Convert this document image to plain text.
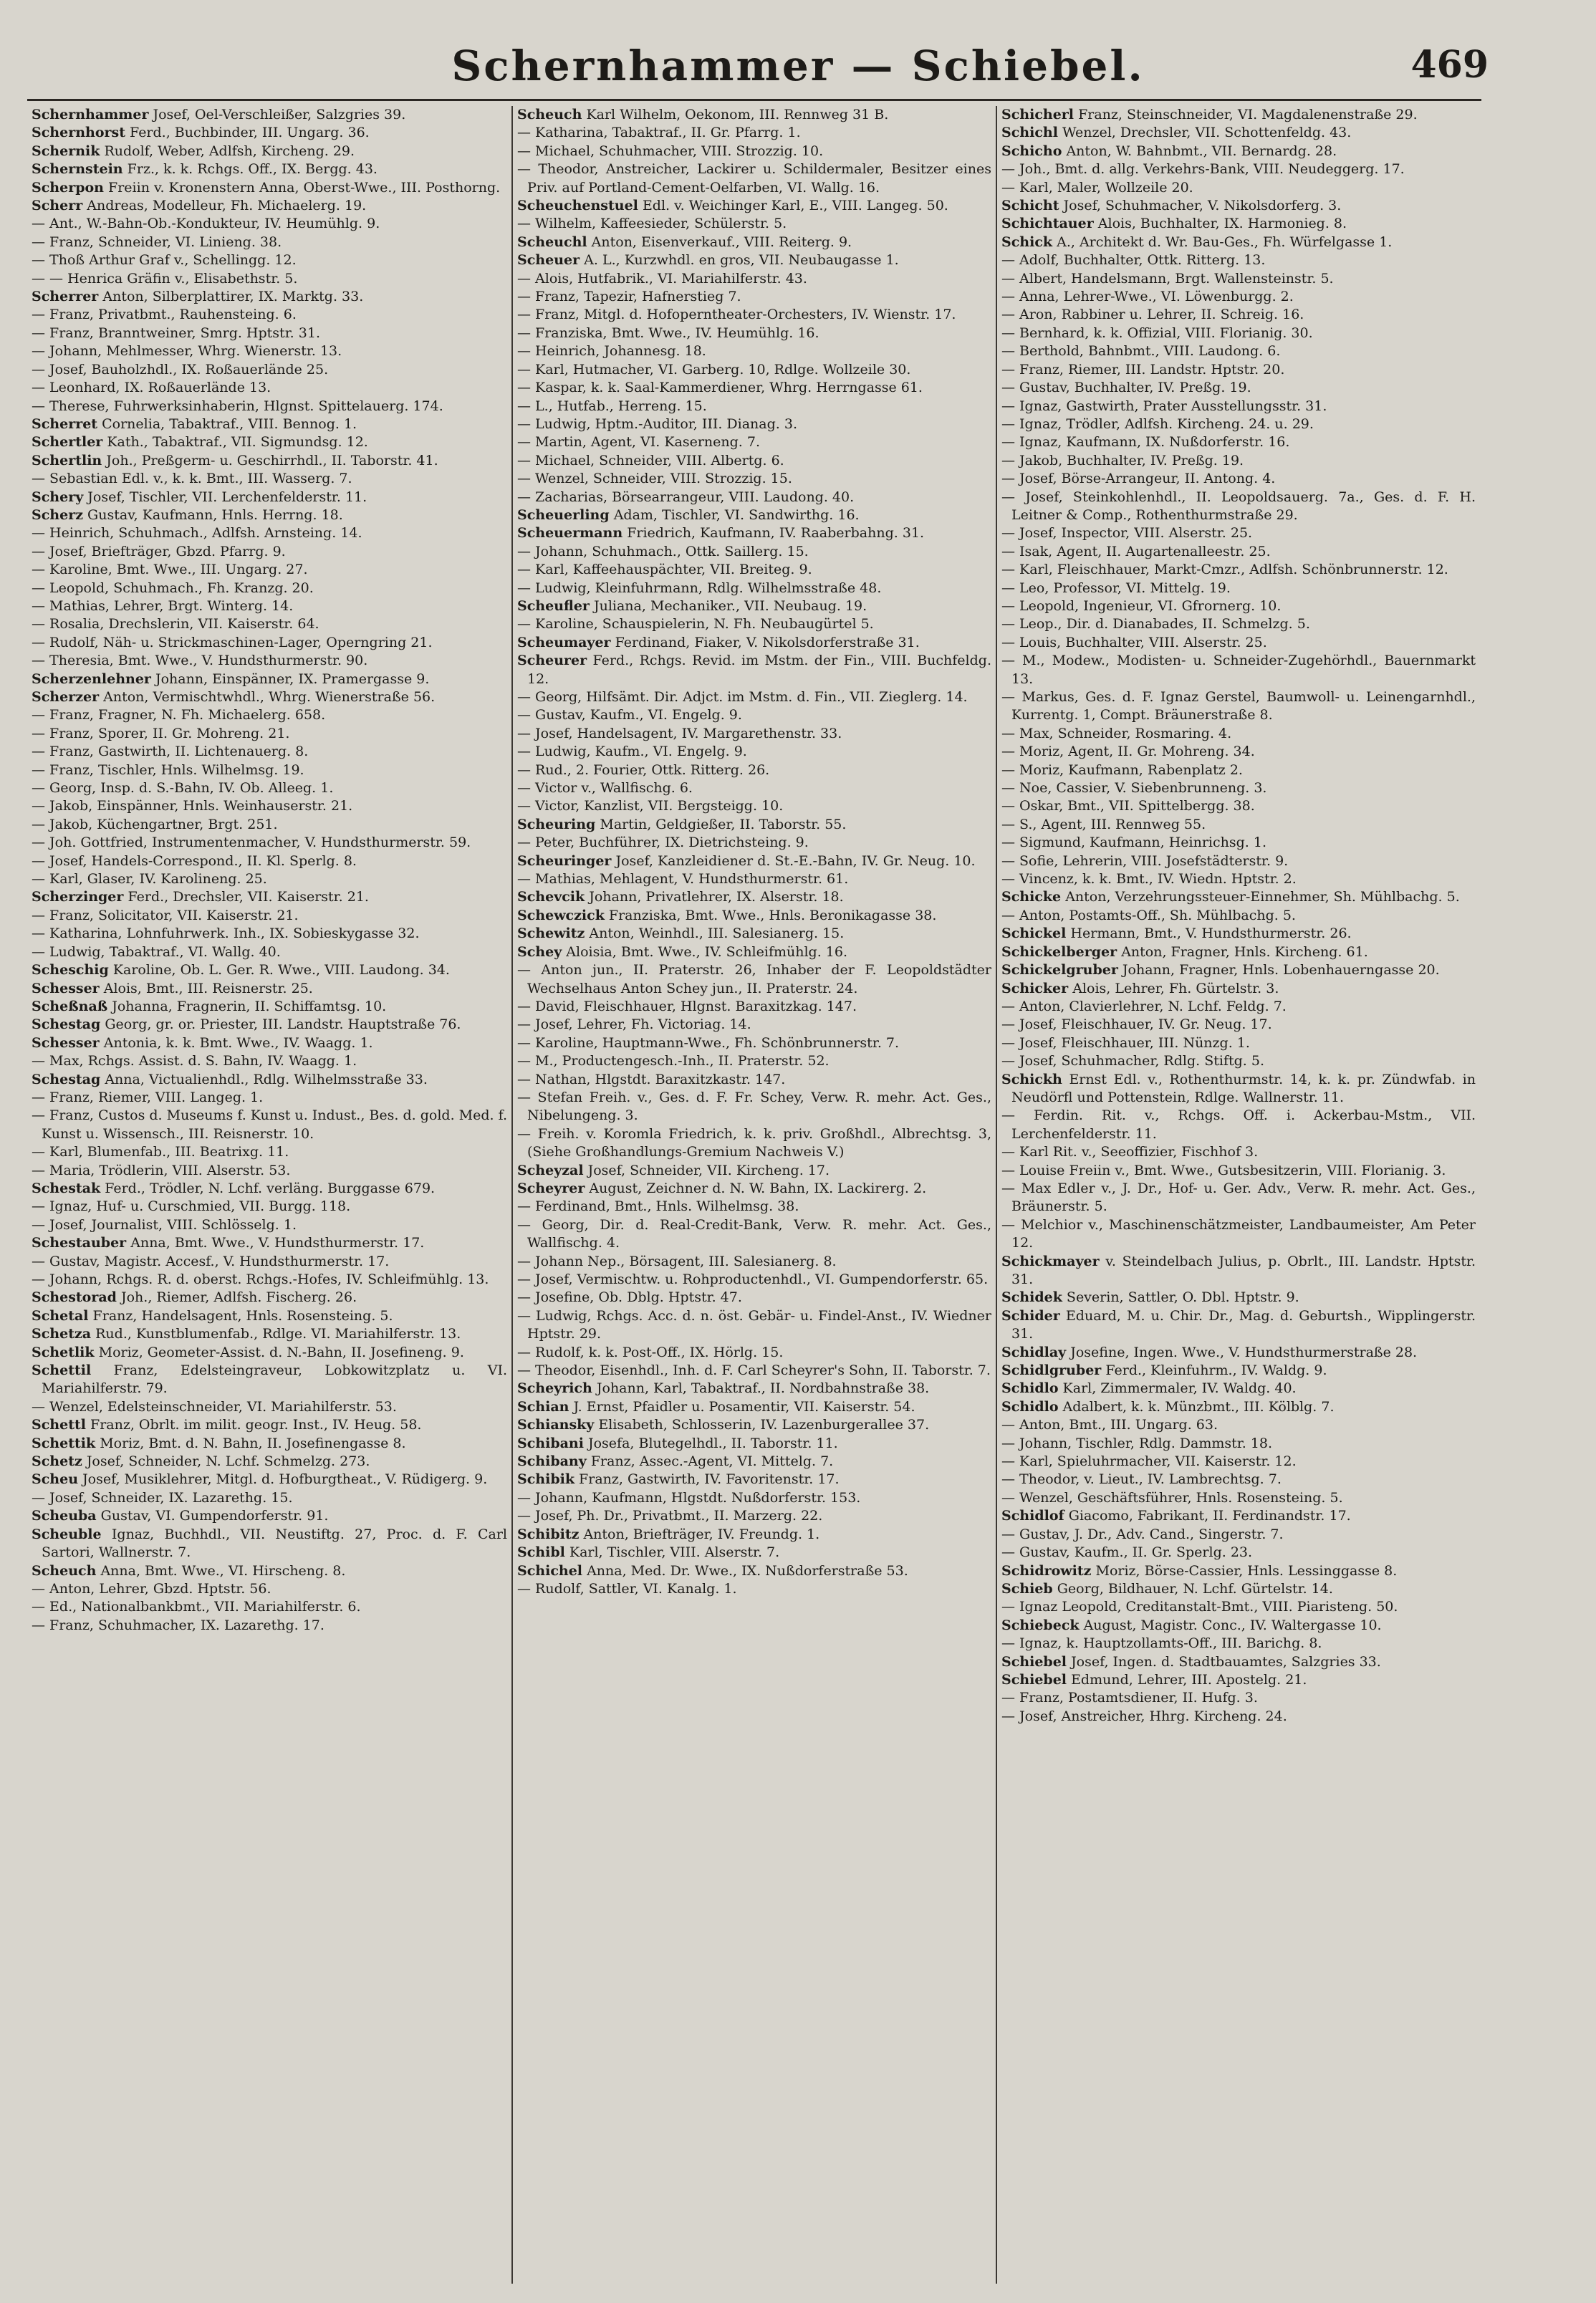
Schernhammer — Schiebel.	469
Schernhammer Josef, Oel-Verschleißer, Salzgries 39.
Schernhorst Ferd., Buchbinder, III. Ungarg. 36.
Schernik Rudolf, Weber, Adlfsh, Kircheng. 29.
Schernstein Frz., k. k. Rchgs. Off., IX. Bergg. 43.
Scherpon Freiin v. Kronenstern Anna, Oberst-Wwe., III. Posthorng.
Scherr Andreas, Modelleur, Fh. Michaelerg. 19.
— Ant., W.-Bahn-Ob.-Kondukteur, IV. Heumühlg. 9.
— Franz, Schneider, VI. Linieng. 38.
— Thoß Arthur Graf v., Schellingg. 12.
— — Henrica Gräfin v., Elisabethstr. 5.
Scherrer Anton, Silberplattirer, IX. Marktg. 33.
— Franz, Privatbmt., Rauhensteing. 6.
— Franz, Branntweiner, Smrg. Hptstr. 31.
— Johann, Mehlmesser, Whrg. Wienerstr. 13.
— Josef, Bauholzhdl., IX. Roßauerlände 25.
— Leonhard, IX. Roßauerlände 13.
— Therese, Fuhrwerksinhaberin, Hlgnst. Spittelauerg. 174.
Scherret Cornelia, Tabaktraf., VIII. Bennog. 1.
Schertler Kath., Tabaktraf., VII. Sigmundsg. 12.
Schertlin Joh., Preßgerm- u. Geschirrhdl., II. Taborstr. 41.
— Sebastian Edl. v., k. k. Bmt., III. Wasserg. 7.
Schery Josef, Tischler, VII. Lerchenfelderstr. 11.
Scherz Gustav, Kaufmann, Hnls. Herrng. 18.
— Heinrich, Schuhmach., Adlfsh. Arnsteing. 14.
— Josef, Briefträger, Gbzd. Pfarrg. 9.
— Karoline, Bmt. Wwe., III. Ungarg. 27.
— Leopold, Schuhmach., Fh. Kranzg. 20.
— Mathias, Lehrer, Brgt. Winterg. 14.
— Rosalia, Drechslerin, VII. Kaiserstr. 64.
— Rudolf, Näh- u. Strickmaschinen-Lager, Operngring 21.
— Theresia, Bmt. Wwe., V. Hundsthurmerstr. 90.
Scherzenlehner Johann, Einspänner, IX. Pramergasse 9.
Scherzer Anton, Vermischtwhdl., Whrg. Wienerstraße 56.
— Franz, Fragner, N. Fh. Michaelerg. 658.
— Franz, Sporer, II. Gr. Mohreng. 21.
— Franz, Gastwirth, II. Lichtenauerg. 8.
— Franz, Tischler, Hnls. Wilhelmsg. 19.
— Georg, Insp. d. S.-Bahn, IV. Ob. Alleeg. 1.
— Jakob, Einspänner, Hnls. Weinhauserstr. 21.
— Jakob, Küchengartner, Brgt. 251.
— Joh. Gottfried, Instrumentenmacher, V. Hundsthurmerstr. 59.
— Josef, Handels-Correspond., II. Kl. Sperlg. 8.
— Karl, Glaser, IV. Karolineng. 25.
Scherzinger Ferd., Drechsler, VII. Kaiserstr. 21.
— Franz, Solicitator, VII. Kaiserstr. 21.
— Katharina, Lohnfuhrwerk. Inh., IX. Sobieskygasse 32.
— Ludwig, Tabaktraf., VI. Wallg. 40.
Scheschig Karoline, Ob. L. Ger. R. Wwe., VIII. Laudong. 34.
Schesser Alois, Bmt., III. Reisnerstr. 25.
Scheßnaß Johanna, Fragnerin, II. Schiffamtsg. 10.
Schestag Georg, gr. or. Priester, III. Landstr. Hauptstraße 76.
Schesser Antonia, k. k. Bmt. Wwe., IV. Waagg. 1.
— Max, Rchgs. Assist. d. S. Bahn, IV. Waagg. 1.
Schestag Anna, Victualienhdl., Rdlg. Wilhelmsstraße 33.
— Franz, Riemer, VIII. Langeg. 1.
— Franz, Custos d. Museums f. Kunst u. Indust., Bes. d. gold. Med. f. Kunst u. Wissensch., III. Reisnerstr. 10.
— Karl, Blumenfab., III. Beatrixg. 11.
— Maria, Trödlerin, VIII. Alserstr. 53.
Schestak Ferd., Trödler, N. Lchf. verläng. Burggasse 679.
— Ignaz, Huf- u. Curschmied, VII. Burgg. 118.
— Josef, Journalist, VIII. Schlösselg. 1.
Schestauber Anna, Bmt. Wwe., V. Hundsthurmerstr. 17.
— Gustav, Magistr. Accesf., V. Hundsthurmerstr. 17.
— Johann, Rchgs. R. d. oberst. Rchgs.-Hofes, IV. Schleifmühlg. 13.
Schestorad Joh., Riemer, Adlfsh. Fischerg. 26.
Schetal Franz, Handelsagent, Hnls. Rosensteing. 5.
Schetza Rud., Kunstblumenfab., Rdlge. VI. Mariahilferstr. 13.
Schetlik Moriz, Geometer-Assist. d. N.-Bahn, II. Josefineng. 9.
Schettil Franz, Edelsteingraveur, Lobkowitzplatz u. VI. Mariahilferstr. 79.
— Wenzel, Edelsteinschneider, VI. Mariahilferstr. 53.
Schettl Franz, Obrlt. im milit. geogr. Inst., IV. Heug. 58.
Schettik Moriz, Bmt. d. N. Bahn, II. Josefinengasse 8.
Schetz Josef, Schneider, N. Lchf. Schmelzg. 273.
Scheu Josef, Musiklehrer, Mitgl. d. Hofburgtheat., V. Rüdigerg. 9.
— Josef, Schneider, IX. Lazarethg. 15.
Scheuba Gustav, VI. Gumpendorferstr. 91.
Scheuble Ignaz, Buchhdl., VII. Neustiftg. 27, Proc. d. F. Carl Sartori, Wallnerstr. 7.
Scheuch Anna, Bmt. Wwe., VI. Hirscheng. 8.
— Anton, Lehrer, Gbzd. Hptstr. 56.
— Ed., Nationalbankbmt., VII. Mariahilferstr. 6.
— Franz, Schuhmacher, IX. Lazarethg. 17.
Scheuch Karl Wilhelm, Oekonom, III. Rennweg 31 B.
— Katharina, Tabaktraf., II. Gr. Pfarrg. 1.
— Michael, Schuhmacher, VIII. Strozzig. 10.
— Theodor, Anstreicher, Lackirer u. Schildermaler, Besitzer eines Priv. auf Portland-Cement-Oelfarben, VI. Wallg. 16.
Scheuchenstuel Edl. v. Weichinger Karl, E., VIII. Langeg. 50.
— Wilhelm, Kaffeesieder, Schülerstr. 5.
Scheuchl Anton, Eisenverkauf., VIII. Reiterg. 9.
Scheuer A. L., Kurzwhdl. en gros, VII. Neubaugasse 1.
— Alois, Hutfabrik., VI. Mariahilferstr. 43.
— Franz, Tapezir, Hafnerstieg 7.
— Franz, Mitgl. d. Hofoperntheater-Orchesters, IV. Wienstr. 17.
— Franziska, Bmt. Wwe., IV. Heumühlg. 16.
— Heinrich, Johannesg. 18.
— Karl, Hutmacher, VI. Garberg. 10, Rdlge. Wollzeile 30.
— Kaspar, k. k. Saal-Kammerdiener, Whrg. Herrngasse 61.
— L., Hutfab., Herreng. 15.
— Ludwig, Hptm.-Auditor, III. Dianag. 3.
— Martin, Agent, VI. Kaserneng. 7.
— Michael, Schneider, VIII. Albertg. 6.
— Wenzel, Schneider, VIII. Strozzig. 15.
— Zacharias, Börsearrangeur, VIII. Laudong. 40.
Scheuerling Adam, Tischler, VI. Sandwirthg. 16.
Scheuermann Friedrich, Kaufmann, IV. Raaberbahng. 31.
— Johann, Schuhmach., Ottk. Saillerg. 15.
— Karl, Kaffeehauspächter, VII. Breiteg. 9.
— Ludwig, Kleinfuhrmann, Rdlg. Wilhelmsstraße 48.
Scheufler Juliana, Mechaniker., VII. Neubaug. 19.
— Karoline, Schauspielerin, N. Fh. Neubaugürtel 5.
Scheumayer Ferdinand, Fiaker, V. Nikolsdorferstraße 31.
Scheurer Ferd., Rchgs. Revid. im Mstm. der Fin., VIII. Buchfeldg. 12.
— Georg, Hilfsämt. Dir. Adjct. im Mstm. d. Fin., VII. Zieglerg. 14.
— Gustav, Kaufm., VI. Engelg. 9.
— Josef, Handelsagent, IV. Margarethenstr. 33.
— Ludwig, Kaufm., VI. Engelg. 9.
— Rud., 2. Fourier, Ottk. Ritterg. 26.
— Victor v., Wallfischg. 6.
— Victor, Kanzlist, VII. Bergsteigg. 10.
Scheuring Martin, Geldgießer, II. Taborstr. 55.
— Peter, Buchführer, IX. Dietrichsteing. 9.
Scheuringer Josef, Kanzleidiener d. St.-E.-Bahn, IV. Gr. Neug. 10.
— Mathias, Mehlagent, V. Hundsthurmerstr. 61.
Schevcik Johann, Privatlehrer, IX. Alserstr. 18.
Schewczick Franziska, Bmt. Wwe., Hnls. Beronikagasse 38.
Schewitz Anton, Weinhdl., III. Salesianerg. 15.
Schey Aloisia, Bmt. Wwe., IV. Schleifmühlg. 16.
— Anton jun., II. Praterstr. 26, Inhaber der F. Leopoldstädter Wechselhaus Anton Schey jun., II. Praterstr. 24.
— David, Fleischhauer, Hlgnst. Baraxitzkag. 147.
— Josef, Lehrer, Fh. Victoriag. 14.
— Karoline, Hauptmann-Wwe., Fh. Schönbrunnerstr. 7.
— M., Productengesch.-Inh., II. Praterstr. 52.
— Nathan, Hlgstdt. Baraxitzkastr. 147.
— Stefan Freih. v., Ges. d. F. Fr. Schey, Verw. R. mehr. Act. Ges., Nibelungeng. 3.
— Freih. v. Koromla Friedrich, k. k. priv. Großhdl., Albrechtsg. 3, (Siehe Großhandlungs-Gremium Nachweis V.)
Scheyzal Josef, Schneider, VII. Kircheng. 17.
Scheyrer August, Zeichner d. N. W. Bahn, IX. Lackirerg. 2.
— Ferdinand, Bmt., Hnls. Wilhelmsg. 38.
— Georg, Dir. d. Real-Credit-Bank, Verw. R. mehr. Act. Ges., Wallfischg. 4.
— Johann Nep., Börsagent, III. Salesianerg. 8.
— Josef, Vermischtw. u. Rohproductenhdl., VI. Gumpendorferstr. 65.
— Josefine, Ob. Dblg. Hptstr. 47.
— Ludwig, Rchgs. Acc. d. n. öst. Gebär- u. Findel-Anst., IV. Wiedner Hptstr. 29.
— Rudolf, k. k. Post-Off., IX. Hörlg. 15.
— Theodor, Eisenhdl., Inh. d. F. Carl Scheyrer's Sohn, II. Taborstr. 7.
Scheyrich Johann, Karl, Tabaktraf., II. Nordbahnstraße 38.
Schian J. Ernst, Pfaidler u. Posamentir, VII. Kaiserstr. 54.
Schiansky Elisabeth, Schlosserin, IV. Lazenburgerallee 37.
Schibani Josefa, Blutegelhdl., II. Taborstr. 11.
Schibany Franz, Assec.-Agent, VI. Mittelg. 7.
Schibik Franz, Gastwirth, IV. Favoritenstr. 17.
— Johann, Kaufmann, Hlgstdt. Nußdorferstr. 153.
— Josef, Ph. Dr., Privatbmt., II. Marzerg. 22.
Schibitz Anton, Briefträger, IV. Freundg. 1.
Schibl Karl, Tischler, VIII. Alserstr. 7.
Schichel Anna, Med. Dr. Wwe., IX. Nußdorferstraße 53.
— Rudolf, Sattler, VI. Kanalg. 1.
Schicherl Franz, Steinschneider, VI. Magdalenenstraße 29.
Schichl Wenzel, Drechsler, VII. Schottenfeldg. 43.
Schicho Anton, W. Bahnbmt., VII. Bernardg. 28.
— Joh., Bmt. d. allg. Verkehrs-Bank, VIII. Neudeggerg. 17.
— Karl, Maler, Wollzeile 20.
Schicht Josef, Schuhmacher, V. Nikolsdorferg. 3.
Schichtauer Alois, Buchhalter, IX. Harmonieg. 8.
Schick A., Architekt d. Wr. Bau-Ges., Fh. Würfelgasse 1.
— Adolf, Buchhalter, Ottk. Ritterg. 13.
— Albert, Handelsmann, Brgt. Wallensteinstr. 5.
— Anna, Lehrer-Wwe., VI. Löwenburgg. 2.
— Aron, Rabbiner u. Lehrer, II. Schreig. 16.
— Bernhard, k. k. Offizial, VIII. Florianig. 30.
— Berthold, Bahnbmt., VIII. Laudong. 6.
— Franz, Riemer, III. Landstr. Hptstr. 20.
— Gustav, Buchhalter, IV. Preßg. 19.
— Ignaz, Gastwirth, Prater Ausstellungsstr. 31.
— Ignaz, Trödler, Adlfsh. Kircheng. 24. u. 29.
— Ignaz, Kaufmann, IX. Nußdorferstr. 16.
— Jakob, Buchhalter, IV. Preßg. 19.
— Josef, Börse-Arrangeur, II. Antong. 4.
— Josef, Steinkohlenhdl., II. Leopoldsauerg. 7a., Ges. d. F. H. Leitner & Comp., Rothenthurmstraße 29.
— Josef, Inspector, VIII. Alserstr. 25.
— Isak, Agent, II. Augartenalleestr. 25.
— Karl, Fleischhauer, Markt-Cmzr., Adlfsh. Schönbrunnerstr. 12.
— Leo, Professor, VI. Mittelg. 19.
— Leopold, Ingenieur, VI. Gfrornerg. 10.
— Leop., Dir. d. Dianabades, II. Schmelzg. 5.
— Louis, Buchhalter, VIII. Alserstr. 25.
— M., Modew., Modisten- u. Schneider-Zugehörhdl., Bauernmarkt 13.
— Markus, Ges. d. F. Ignaz Gerstel, Baumwoll- u. Leinengarnhdl., Kurrentg. 1, Compt. Bräunerstraße 8.
— Max, Schneider, Rosmaring. 4.
— Moriz, Agent, II. Gr. Mohreng. 34.
— Moriz, Kaufmann, Rabenplatz 2.
— Noe, Cassier, V. Siebenbrunneng. 3.
— Oskar, Bmt., VII. Spittelbergg. 38.
— S., Agent, III. Rennweg 55.
— Sigmund, Kaufmann, Heinrichsg. 1.
— Sofie, Lehrerin, VIII. Josefstädterstr. 9.
— Vincenz, k. k. Bmt., IV. Wiedn. Hptstr. 2.
Schicke Anton, Verzehrungssteuer-Einnehmer, Sh. Mühlbachg. 5.
— Anton, Postamts-Off., Sh. Mühlbachg. 5.
Schickel Hermann, Bmt., V. Hundsthurmerstr. 26.
Schickelberger Anton, Fragner, Hnls. Kircheng. 61.
Schickelgruber Johann, Fragner, Hnls. Lobenhauerngasse 20.
Schicker Alois, Lehrer, Fh. Gürtelstr. 3.
— Anton, Clavierlehrer, N. Lchf. Feldg. 7.
— Josef, Fleischhauer, IV. Gr. Neug. 17.
— Josef, Fleischhauer, III. Nünzg. 1.
— Josef, Schuhmacher, Rdlg. Stiftg. 5.
Schickh Ernst Edl. v., Rothenthurmstr. 14, k. k. pr. Zündwfab. in Neudörfl und Pottenstein, Rdlge. Wallnerstr. 11.
— Ferdin. Rit. v., Rchgs. Off. i. Ackerbau-Mstm., VII. Lerchenfelderstr. 11.
— Karl Rit. v., Seeoffizier, Fischhof 3.
— Louise Freiin v., Bmt. Wwe., Gutsbesitzerin, VIII. Florianig. 3.
— Max Edler v., J. Dr., Hof- u. Ger. Adv., Verw. R. mehr. Act. Ges., Bräunerstr. 5.
— Melchior v., Maschinenschätzmeister, Landbaumeister, Am Peter 12.
Schickmayer v. Steindelbach Julius, p. Obrlt., III. Landstr. Hptstr. 31.
Schidek Severin, Sattler, O. Dbl. Hptstr. 9.
Schider Eduard, M. u. Chir. Dr., Mag. d. Geburtsh., Wipplingerstr. 31.
Schidlay Josefine, Ingen. Wwe., V. Hundsthurmerstraße 28.
Schidlgruber Ferd., Kleinfuhrm., IV. Waldg. 9.
Schidlo Karl, Zimmermaler, IV. Waldg. 40.
Schidlo Adalbert, k. k. Münzbmt., III. Kölblg. 7.
— Anton, Bmt., III. Ungarg. 63.
— Johann, Tischler, Rdlg. Dammstr. 18.
— Karl, Spieluhrmacher, VII. Kaiserstr. 12.
— Theodor, v. Lieut., IV. Lambrechtsg. 7.
— Wenzel, Geschäftsführer, Hnls. Rosensteing. 5.
Schidlof Giacomo, Fabrikant, II. Ferdinandstr. 17.
— Gustav, J. Dr., Adv. Cand., Singerstr. 7.
— Gustav, Kaufm., II. Gr. Sperlg. 23.
Schidrowitz Moriz, Börse-Cassier, Hnls. Lessinggasse 8.
Schieb Georg, Bildhauer, N. Lchf. Gürtelstr. 14.
— Ignaz Leopold, Creditanstalt-Bmt., VIII. Piaristeng. 50.
Schiebeck August, Magistr. Conc., IV. Waltergasse 10.
— Ignaz, k. Hauptzollamts-Off., III. Barichg. 8.
Schiebel Josef, Ingen. d. Stadtbauamtes, Salzgries 33.
Schiebel Edmund, Lehrer, III. Apostelg. 21.
— Franz, Postamtsdiener, II. Hufg. 3.
— Josef, Anstreicher, Hhrg. Kircheng. 24.
